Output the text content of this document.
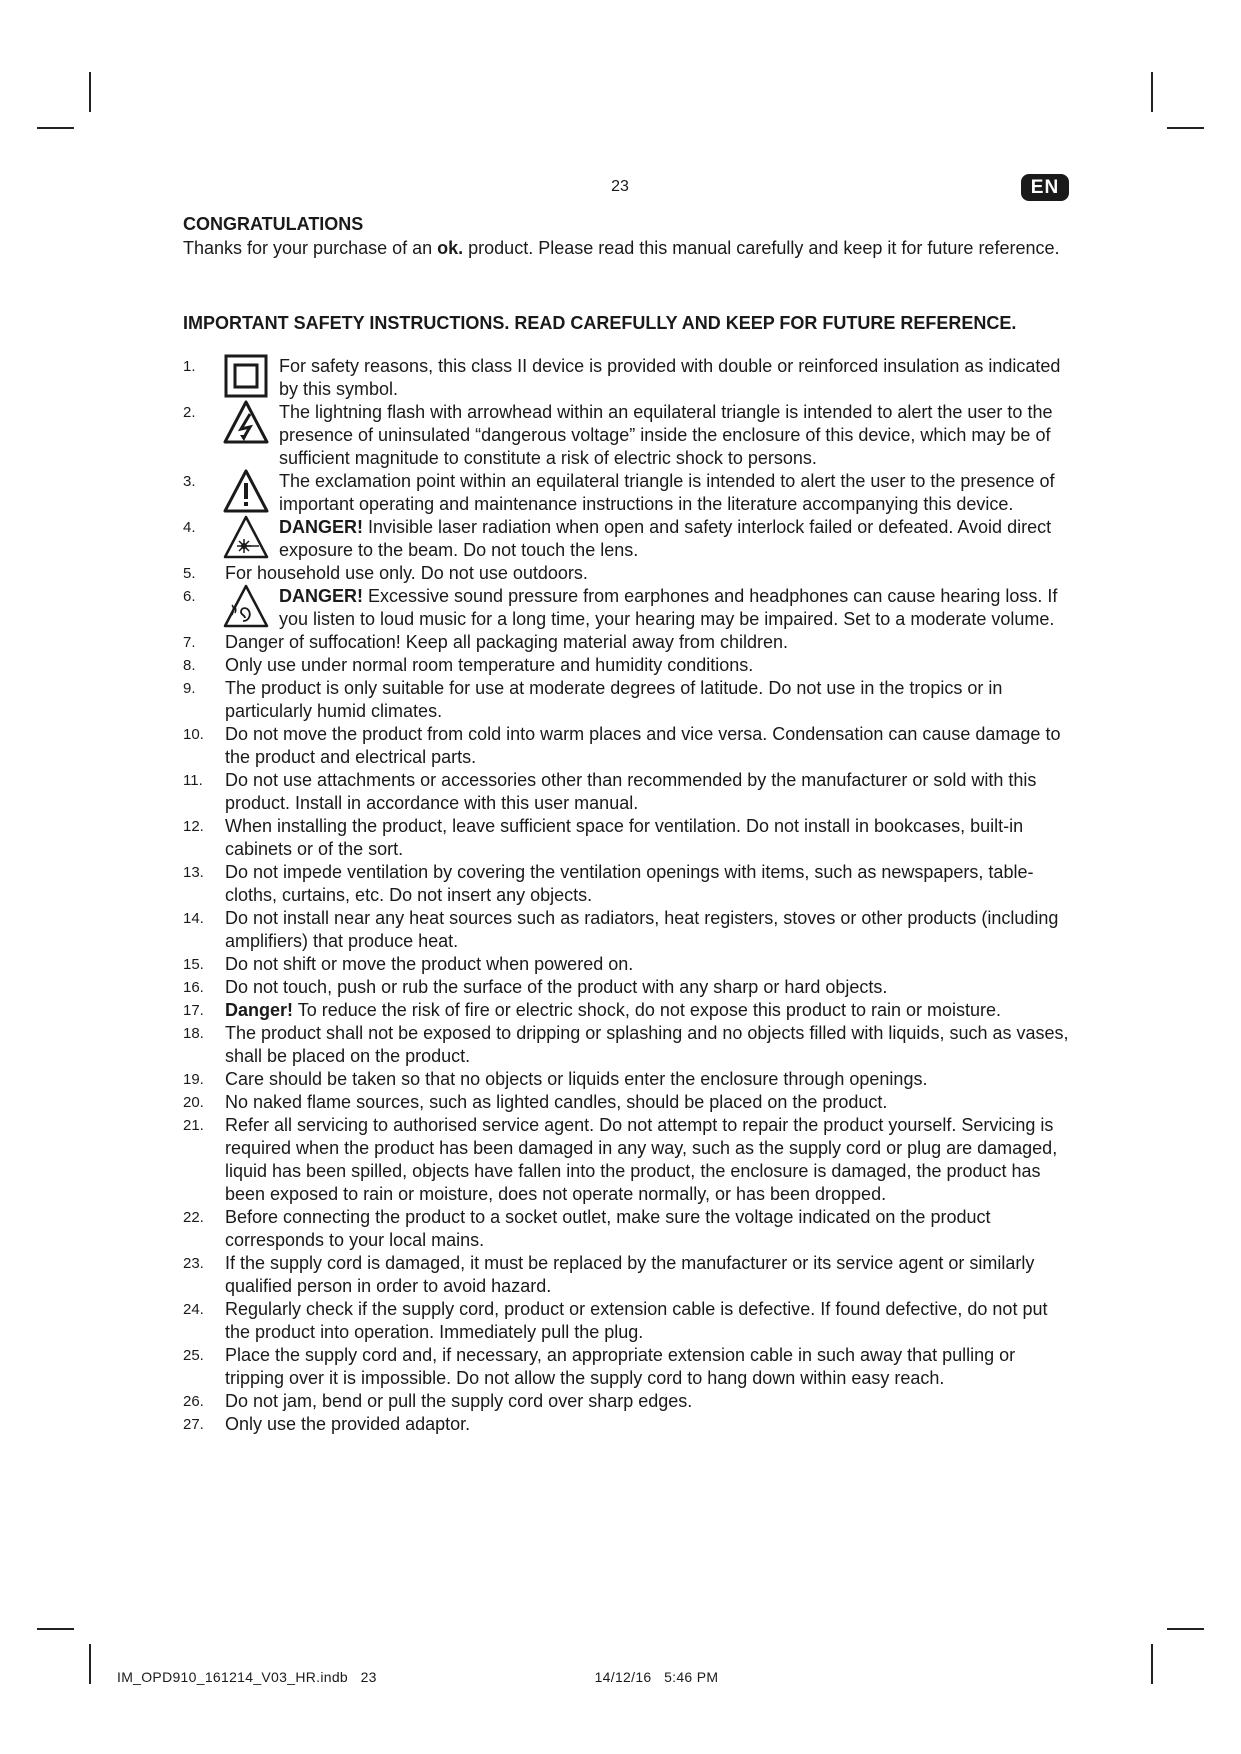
23	EN
CONGRATULATIONS

Thanks for your purchase of an ok. product. Please read this manual carefully and keep it for future reference.

IMPORTANT SAFETY INSTRUCTIONS. READ CAREFULLY AND KEEP FOR FUTURE REFERENCE.
1.	For safety reasons, this class II device is provided with double or reinforced insulation as indicated by this symbol.
2.	The lightning flash with arrowhead within an equilateral triangle is intended to alert the user to the presence of uninsulated “dangerous voltage” inside the enclosure of this device, which may be of sufficient magnitude to constitute a risk of electric shock to persons.
3.	The exclamation point within an equilateral triangle is intended to alert the user to the presence of important operating and maintenance instructions in the literature accompanying this device.
4.	DANGER! Invisible laser radiation when open and safety interlock failed or defeated. Avoid direct exposure to the beam. Do not touch the lens.
5.	For household use only. Do not use outdoors.
6.	DANGER! Excessive sound pressure from earphones and headphones can cause hearing loss. If you listen to loud music for a long time, your hearing may be impaired. Set to a moderate volume.
7.	Danger of suffocation! Keep all packaging material away from children.
8.	Only use under normal room temperature and humidity conditions.
9.	The product is only suitable for use at moderate degrees of latitude. Do not use in the tropics or in particularly humid climates.
10.	Do not move the product from cold into warm places and vice versa. Condensation can cause damage to the product and electrical parts.
11.	Do not use attachments or accessories other than recommended by the manufacturer or sold with this product. Install in accordance with this user manual.
12.	When installing the product, leave sufficient space for ventilation. Do not install in bookcases, built-in cabinets or of the sort.
13.	Do not impede ventilation by covering the ventilation openings with items, such as newspapers, table-cloths, curtains, etc. Do not insert any objects.
14.	Do not install near any heat sources such as radiators, heat registers, stoves or other products (including amplifiers) that produce heat.
15.	Do not shift or move the product when powered on.
16.	Do not touch, push or rub the surface of the product with any sharp or hard objects.
17.	Danger! To reduce the risk of fire or electric shock, do not expose this product to rain or moisture.
18.	The product shall not be exposed to dripping or splashing and no objects filled with liquids, such as vases, shall be placed on the product.
19.	Care should be taken so that no objects or liquids enter the enclosure through openings.
20.	No naked flame sources, such as lighted candles, should be placed on the product.
21.	Refer all servicing to authorised service agent. Do not attempt to repair the product yourself. Servicing is required when the product has been damaged in any way, such as the supply cord or plug are damaged, liquid has been spilled, objects have fallen into the product, the enclosure is damaged, the product has been exposed to rain or moisture, does not operate normally, or has been dropped.
22.	Before connecting the product to a socket outlet, make sure the voltage indicated on the product corresponds to your local mains.
23.	If the supply cord is damaged, it must be replaced by the manufacturer or its service agent or similarly qualified person in order to avoid hazard.
24.	Regularly check if the supply cord, product or extension cable is defective. If found defective, do not put the product into operation. Immediately pull the plug.
25.	Place the supply cord and, if necessary, an appropriate extension cable in such away that pulling or tripping over it is impossible. Do not allow the supply cord to hang down within easy reach.
26.	Do not jam, bend or pull the supply cord over sharp edges.
27.	Only use the provided adaptor.
IM_OPD910_161214_V03_HR.indb   23                                                    14/12/16   5:46 PM
